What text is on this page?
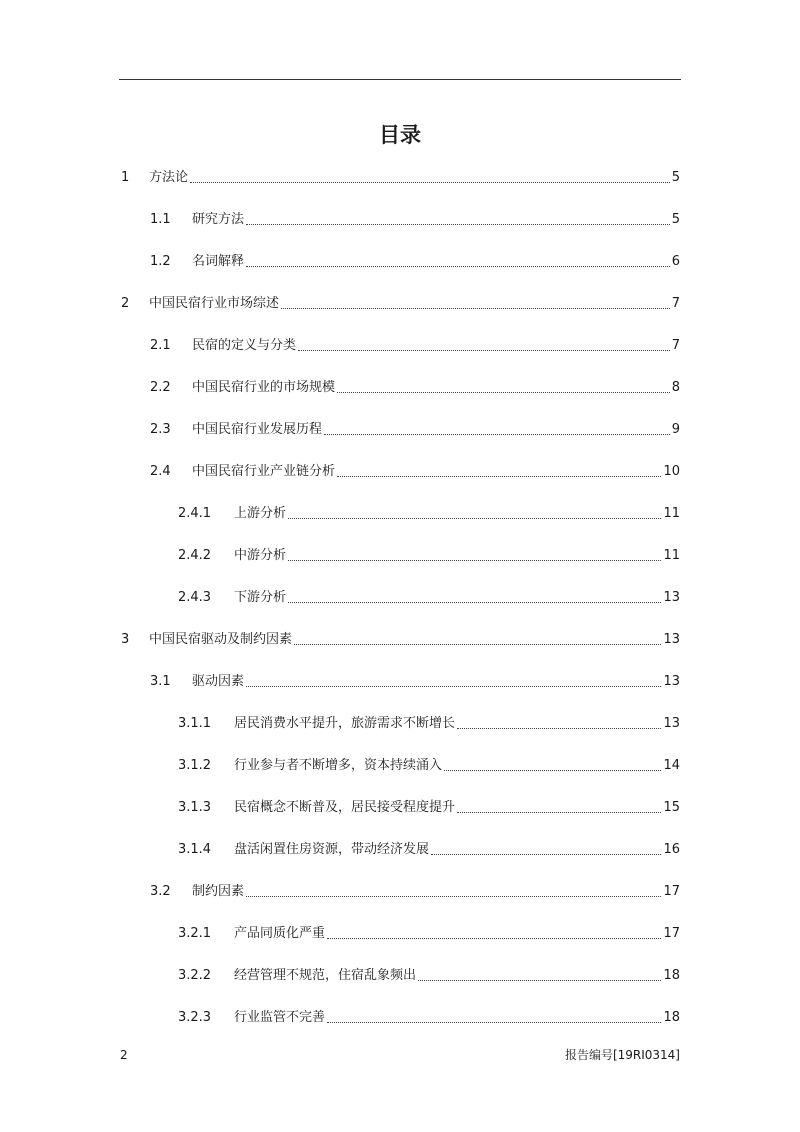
目录
1	方法论	5
1.1	研究方法	5
1.2	名词解释	6
2	中国民宿行业市场综述	7
2.1	民宿的定义与分类	7
2.2	中国民宿行业的市场规模	8
2.3	中国民宿行业发展历程	9
2.4	中国民宿行业产业链分析	10
2.4.1	上游分析	11
2.4.2	中游分析	11
2.4.3	下游分析	13
3	中国民宿驱动及制约因素	13
3.1	驱动因素	13
3.1.1	居民消费水平提升，旅游需求不断增长	13
3.1.2	行业参与者不断增多，资本持续涌入	14
3.1.3	民宿概念不断普及，居民接受程度提升	15
3.1.4	盘活闲置住房资源，带动经济发展	16
3.2	制约因素	17
3.2.1	产品同质化严重	17
3.2.2	经营管理不规范，住宿乱象频出	18
3.2.3	行业监管不完善	18
2	报告编号[19RI0314]
